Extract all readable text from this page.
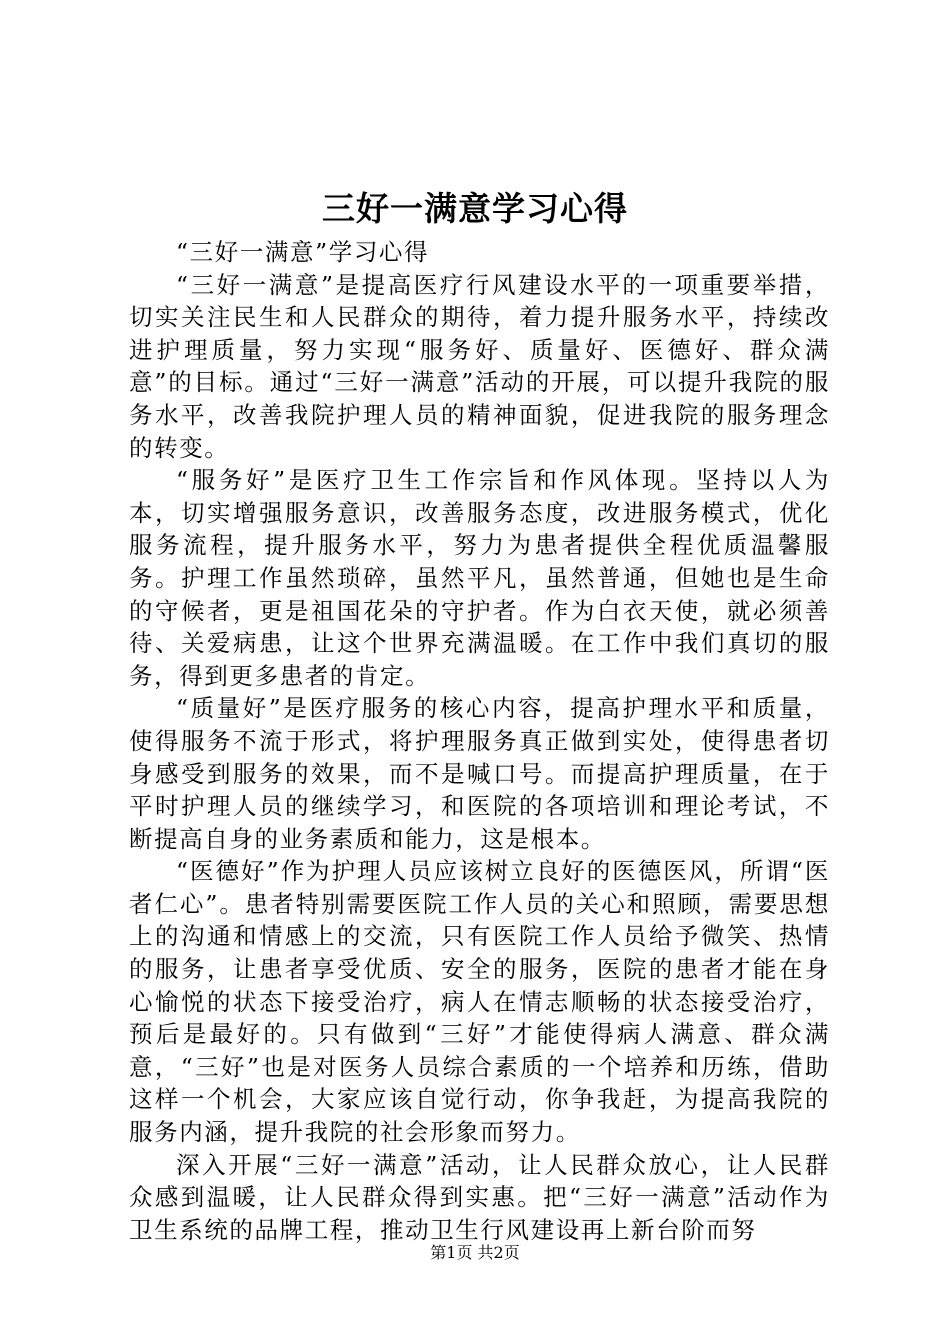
三好一满意学习心得

“三好一满意”学习心得

“三好一满意”是提高医疗行风建设水平的一项重要举措，切实关注民生和人民群众的期待，着力提升服务水平，持续改进护理质量，努力实现“服务好、质量好、医德好、群众满意”的目标。通过“三好一满意”活动的开展，可以提升我院的服务水平，改善我院护理人员的精神面貌，促进我院的服务理念的转变。

“服务好”是医疗卫生工作宗旨和作风体现。坚持以人为本，切实增强服务意识，改善服务态度，改进服务模式，优化服务流程，提升服务水平，努力为患者提供全程优质温馨服务。护理工作虽然琐碎，虽然平凡，虽然普通，但她也是生命的守候者，更是祖国花朵的守护者。作为白衣天使，就必须善待、关爱病患，让这个世界充满温暖。在工作中我们真切的服务，得到更多患者的肯定。

“质量好”是医疗服务的核心内容，提高护理水平和质量，使得服务不流于形式，将护理服务真正做到实处，使得患者切身感受到服务的效果，而不是喊口号。而提高护理质量，在于平时护理人员的继续学习，和医院的各项培训和理论考试，不断提高自身的业务素质和能力，这是根本。

“医德好”作为护理人员应该树立良好的医德医风，所谓“医者仁心”。患者特别需要医院工作人员的关心和照顾，需要思想上的沟通和情感上的交流，只有医院工作人员给予微笑、热情的服务，让患者享受优质、安全的服务，医院的患者才能在身心愉悦的状态下接受治疗，病人在情志顺畅的状态接受治疗，预后是最好的。只有做到“三好”才能使得病人满意、群众满意，“三好”也是对医务人员综合素质的一个培养和历练，借助这样一个机会，大家应该自觉行动，你争我赶，为提高我院的服务内涵，提升我院的社会形象而努力。

深入开展“三好一满意”活动，让人民群众放心，让人民群众感到温暖，让人民群众得到实惠。把“三好一满意”活动作为卫生系统的品牌工程，推动卫生行风建设再上新台阶而努

第1页 共2页
